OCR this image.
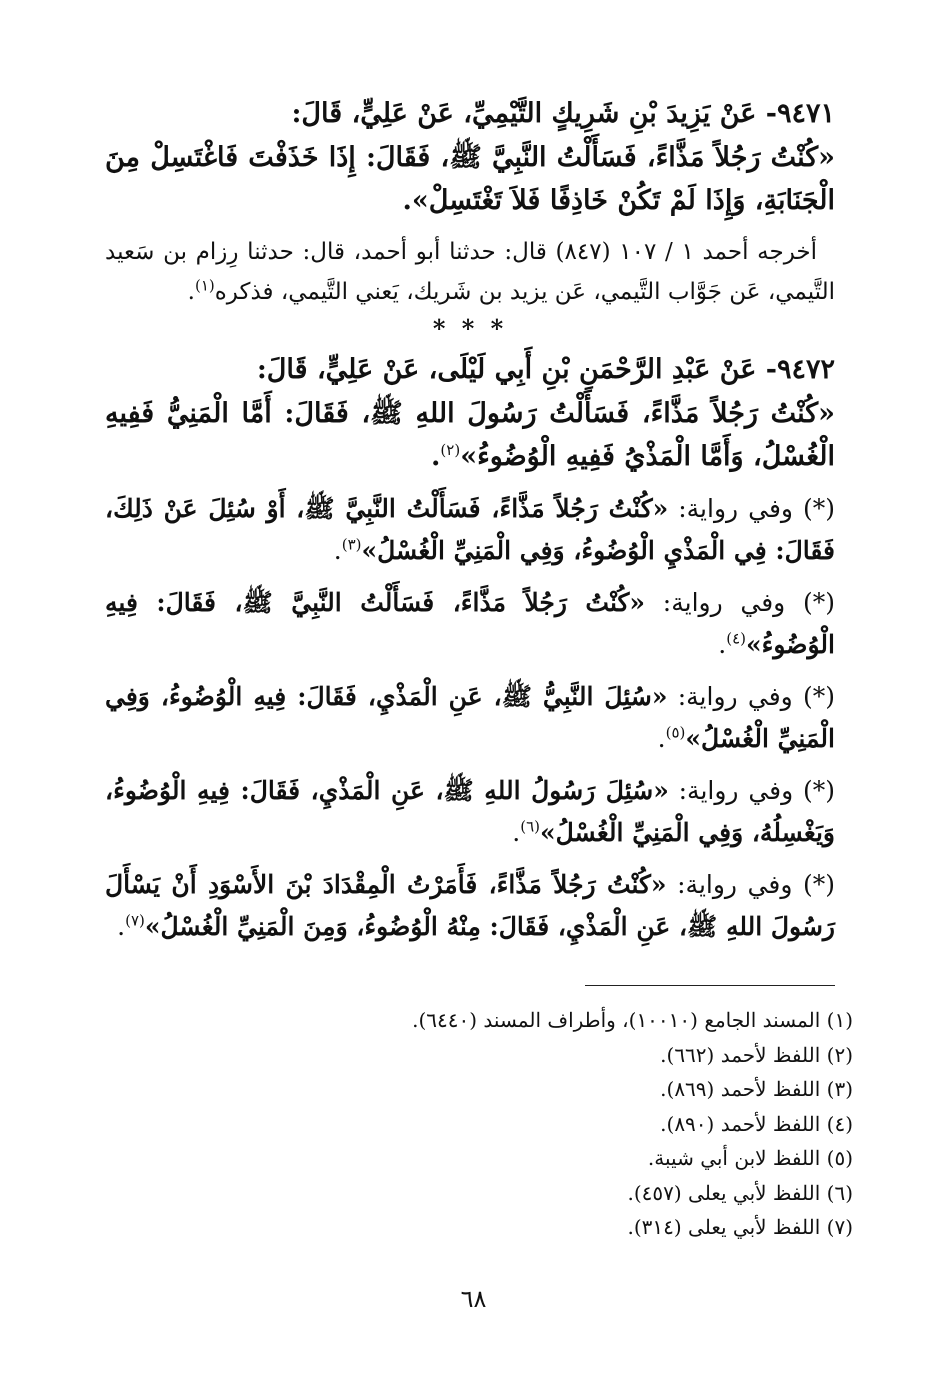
٩٤٧١- عَنْ يَزِيدَ بْنِ شَرِيكٍ التَّيْمِيِّ، عَنْ عَلِيٍّ، قَالَ:

«كُنْتُ رَجُلاً مَذَّاءً، فَسَأَلْتُ النَّبِيَّ ﷺ، فَقَالَ: إِذَا خَذَفْتَ فَاغْتَسِلْ مِنَ الْجَنَابَةِ، وَإِذَا لَمْ تَكُنْ خَاذِفًا فَلاَ تَغْتَسِلْ».

أخرجه أحمد ١ / ١٠٧ (٨٤٧) قال: حدثنا أبو أحمد، قال: حدثنا رِزام بن سَعيد التَّيمي، عَن جَوَّاب التَّيمي، عَن يزيد بن شَريك، يَعني التَّيمي، فذكره$^{(١)}$.

* * *

٩٤٧٢- عَنْ عَبْدِ الرَّحْمَنِ بْنِ أَبِي لَيْلَى، عَنْ عَلِيٍّ، قَالَ:

«كُنْتُ رَجُلاً مَذَّاءً، فَسَأَلْتُ رَسُولَ اللهِ ﷺ، فَقَالَ: أَمَّا الْمَنِيُّ فَفِيهِ الْغُسْلُ، وَأَمَّا الْمَذْيُ فَفِيهِ الْوُضُوءُ»$^{(٢)}$.

(*) وفي رواية: «كُنْتُ رَجُلاً مَذَّاءً، فَسَأَلْتُ النَّبِيَّ ﷺ، أَوْ سُئِلَ عَنْ ذَلِكَ، فَقَالَ: فِي الْمَذْيِ الْوُضُوءُ، وَفِي الْمَنِيِّ الْغُسْلُ»$^{(٣)}$.

(*) وفي رواية: «كُنْتُ رَجُلاً مَذَّاءً، فَسَأَلْتُ النَّبِيَّ ﷺ، فَقَالَ: فِيهِ الْوُضُوءُ»$^{(٤)}$.

(*) وفي رواية: «سُئِلَ النَّبِيُّ ﷺ، عَنِ الْمَذْيِ، فَقَالَ: فِيهِ الْوُضُوءُ، وَفِي الْمَنِيِّ الْغُسْلُ»$^{(٥)}$.

(*) وفي رواية: «سُئِلَ رَسُولُ اللهِ ﷺ، عَنِ الْمَذْيِ، فَقَالَ: فِيهِ الْوُضُوءُ، وَيَغْسِلُهُ، وَفِي الْمَنِيِّ الْغُسْلُ»$^{(٦)}$.

(*) وفي رواية: «كُنْتُ رَجُلاً مَذَّاءً، فَأَمَرْتُ الْمِقْدَادَ بْنَ الأَسْوَدِ أَنْ يَسْأَلَ رَسُولَ اللهِ ﷺ، عَنِ الْمَذْيِ، فَقَالَ: مِنْهُ الْوُضُوءُ، وَمِنَ الْمَنِيِّ الْغُسْلُ»$^{(٧)}$.

(١) المسند الجامع (١٠٠١٠)، وأطراف المسند (٦٤٤٠).
(٢) اللفظ لأحمد (٦٦٢).
(٣) اللفظ لأحمد (٨٦٩).
(٤) اللفظ لأحمد (٨٩٠).
(٥) اللفظ لابن أبي شيبة.
(٦) اللفظ لأبي يعلى (٤٥٧).
(٧) اللفظ لأبي يعلى (٣١٤).
٦٨
